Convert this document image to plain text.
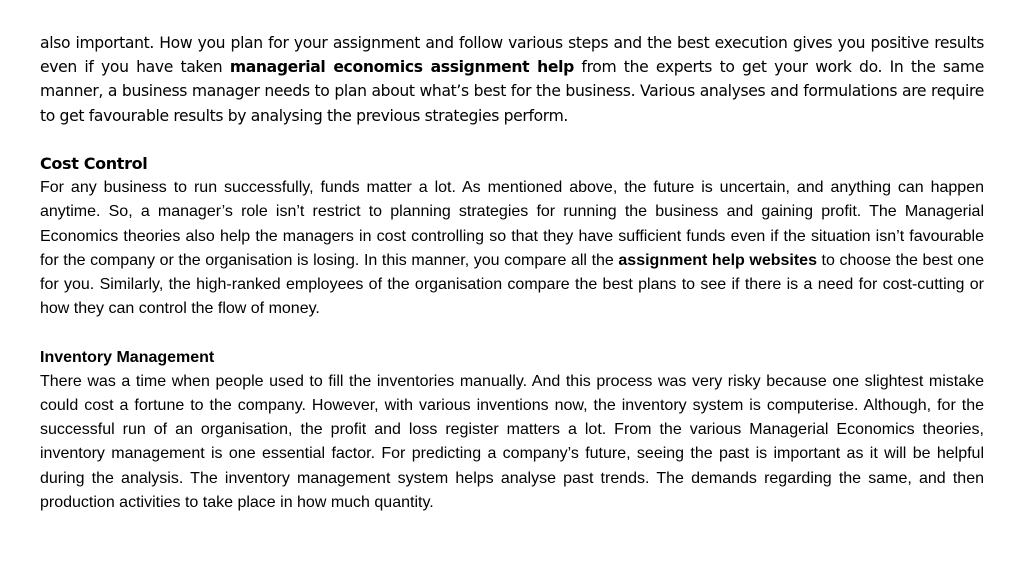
also important. How you plan for your assignment and follow various steps and the best execution gives you positive results even if you have taken managerial economics assignment help from the experts to get your work do. In the same manner, a business manager needs to plan about what’s best for the business. Various analyses and formulations are require to get favourable results by analysing the previous strategies perform.

Cost Control

For any business to run successfully, funds matter a lot. As mentioned above, the future is uncertain, and anything can happen anytime. So, a manager’s role isn’t restrict to planning strategies for running the business and gaining profit. The Managerial Economics theories also help the managers in cost controlling so that they have sufficient funds even if the situation isn’t favourable for the company or the organisation is losing. In this manner, you compare all the assignment help websites to choose the best one for you. Similarly, the high-ranked employees of the organisation compare the best plans to see if there is a need for cost-cutting or how they can control the flow of money.

Inventory Management

There was a time when people used to fill the inventories manually. And this process was very risky because one slightest mistake could cost a fortune to the company. However, with various inventions now, the inventory system is computerise. Although, for the successful run of an organisation, the profit and loss register matters a lot. From the various Managerial Economics theories, inventory management is one essential factor. For predicting a company’s future, seeing the past is important as it will be helpful during the analysis. The inventory management system helps analyse past trends. The demands regarding the same, and then production activities to take place in how much quantity.
